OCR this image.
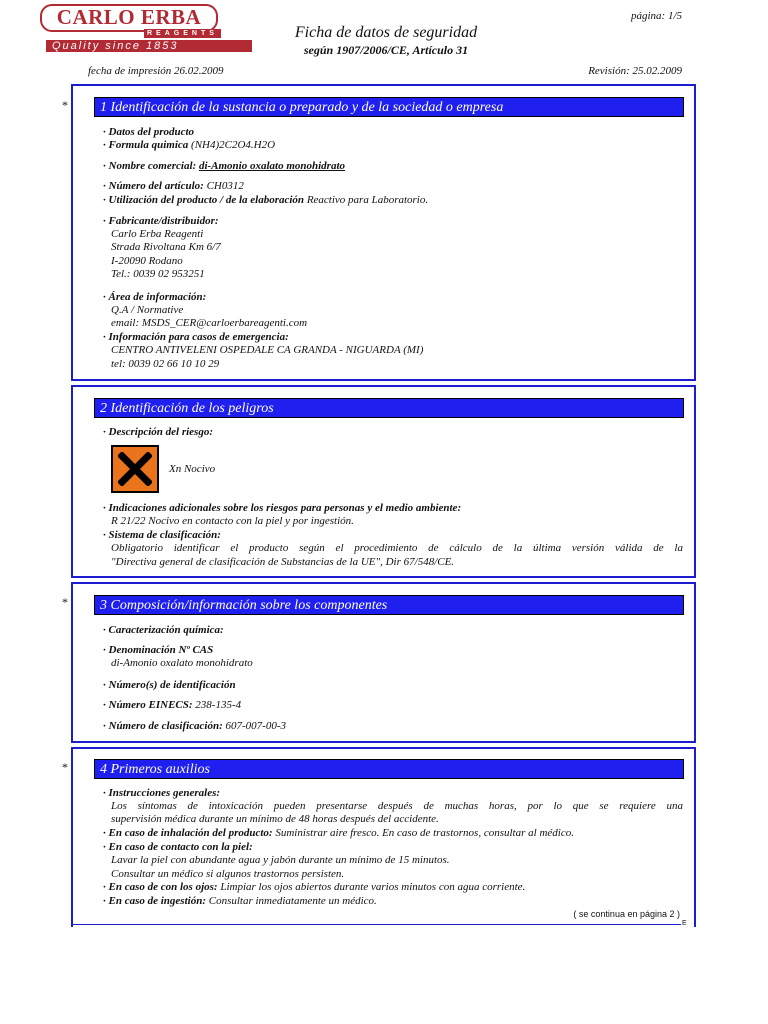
CARLO ERBA
REAGENTS
Quality since 1853
Ficha de datos de seguridad
según 1907/2006/CE, Artículo 31
página: 1/5
fecha de impresión 26.02.2009	Revisión: 25.02.2009
*	1 Identificación de la sustancia o preparado y de la sociedad o empresa
· Datos del producto
· Formula quimica (NH4)2C2O4.H2O
· Nombre comercial: di-Amonio oxalato monohidrato
· Número del artículo: CH0312
· Utilización del producto / de la elaboración Reactivo para Laboratorio.
· Fabricante/distribuidor:
Carlo Erba Reagenti
Strada Rivoltana Km 6/7
I-20090 Rodano
Tel.: 0039 02 953251
· Área de información:
Q.A / Normative
email: MSDS_CER@carloerbareagenti.com
· Información para casos de emergencia:
CENTRO ANTIVELENI OSPEDALE CA GRANDA - NIGUARDA (MI)
tel: 0039 02 66 10 10 29
2 Identificación de los peligros
· Descripción del riesgo:
Xn Nocivo
· Indicaciones adicionales sobre los riesgos para personas y el medio ambiente:
R 21/22 Nocivo en contacto con la piel y por ingestión.
· Sistema de clasificación:
Obligatorio identificar el producto según el procedimiento de cálculo de la última versión válida de la
"Directiva general de clasificación de Substancias de la UE", Dir 67/548/CE.
*	3 Composición/información sobre los componentes
· Caracterización química:
· Denominación Nº CAS
di-Amonio oxalato monohidrato
· Número(s) de identificación
· Número EINECS: 238-135-4
· Número de clasificación: 607-007-00-3
*	4 Primeros auxilios
· Instrucciones generales:
Los síntomas de intoxicación pueden presentarse después de muchas horas, por lo que se requiere una
supervisión médica durante un mínimo de 48 horas después del accidente.
· En caso de inhalación del producto: Suministrar aire fresco. En caso de trastornos, consultar al médico.
· En caso de contacto con la piel:
Lavar la piel con abundante agua y jabón durante un mínimo de 15 minutos.
Consultar un médico si algunos trastornos persisten.
· En caso de con los ojos: Limpiar los ojos abiertos durante varios minutos con agua corriente.
· En caso de ingestión: Consultar inmediatamente un médico.
( se continua en página 2 )
E
